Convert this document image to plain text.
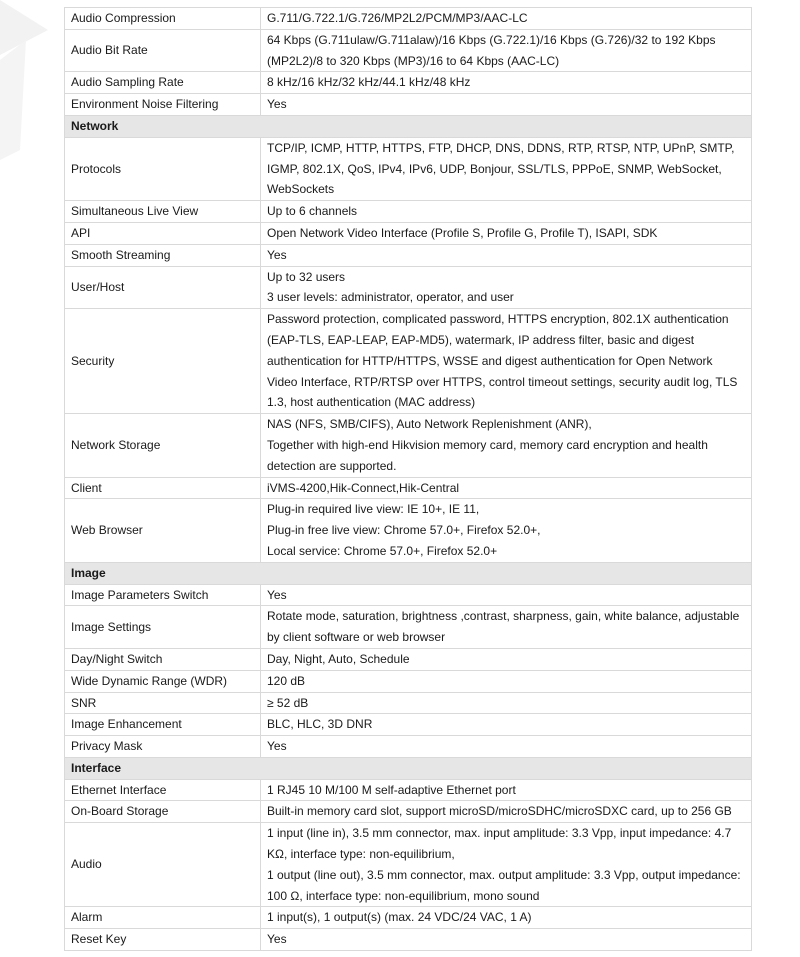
Audio Compression	G.711/G.722.1/G.726/MP2L2/PCM/MP3/AAC-LC
Audio Bit Rate	64 Kbps (G.711ulaw/G.711alaw)/16 Kbps (G.722.1)/16 Kbps (G.726)/32 to 192 Kbps (MP2L2)/8 to 320 Kbps (MP3)/16 to 64 Kbps (AAC-LC)
Audio Sampling Rate	8 kHz/16 kHz/32 kHz/44.1 kHz/48 kHz
Environment Noise Filtering	Yes
Network	
Protocols	TCP/IP, ICMP, HTTP, HTTPS, FTP, DHCP, DNS, DDNS, RTP, RTSP, NTP, UPnP, SMTP, IGMP, 802.1X, QoS, IPv4, IPv6, UDP, Bonjour, SSL/TLS, PPPoE, SNMP, WebSocket, WebSockets
Simultaneous Live View	Up to 6 channels
API	Open Network Video Interface (Profile S, Profile G, Profile T), ISAPI, SDK
Smooth Streaming	Yes
User/Host	Up to 32 users
3 user levels: administrator, operator, and user
Security	Password protection, complicated password, HTTPS encryption, 802.1X authentication (EAP-TLS, EAP-LEAP, EAP-MD5), watermark, IP address filter, basic and digest authentication for HTTP/HTTPS, WSSE and digest authentication for Open Network Video Interface, RTP/RTSP over HTTPS, control timeout settings, security audit log, TLS 1.3, host authentication (MAC address)
Network Storage	NAS (NFS, SMB/CIFS), Auto Network Replenishment (ANR),
Together with high-end Hikvision memory card, memory card encryption and health detection are supported.
Client	iVMS-4200,Hik-Connect,Hik-Central
Web Browser	Plug-in required live view: IE 10+, IE 11,
Plug-in free live view: Chrome 57.0+, Firefox 52.0+,
Local service: Chrome 57.0+, Firefox 52.0+
Image	
Image Parameters Switch	Yes
Image Settings	Rotate mode, saturation, brightness ,contrast, sharpness, gain, white balance, adjustable by client software or web browser
Day/Night Switch	Day, Night, Auto, Schedule
Wide Dynamic Range (WDR)	120 dB
SNR	≥ 52 dB
Image Enhancement	BLC, HLC, 3D DNR
Privacy Mask	Yes
Interface	
Ethernet Interface	1 RJ45 10 M/100 M self-adaptive Ethernet port
On-Board Storage	Built-in memory card slot, support microSD/microSDHC/microSDXC card, up to 256 GB
Audio	1 input (line in), 3.5 mm connector, max. input amplitude: 3.3 Vpp, input impedance: 4.7 KΩ, interface type: non-equilibrium,
1 output (line out), 3.5 mm connector, max. output amplitude: 3.3 Vpp, output impedance: 100 Ω, interface type: non-equilibrium, mono sound
Alarm	1 input(s), 1 output(s) (max. 24 VDC/24 VAC, 1 A)
Reset Key	Yes
